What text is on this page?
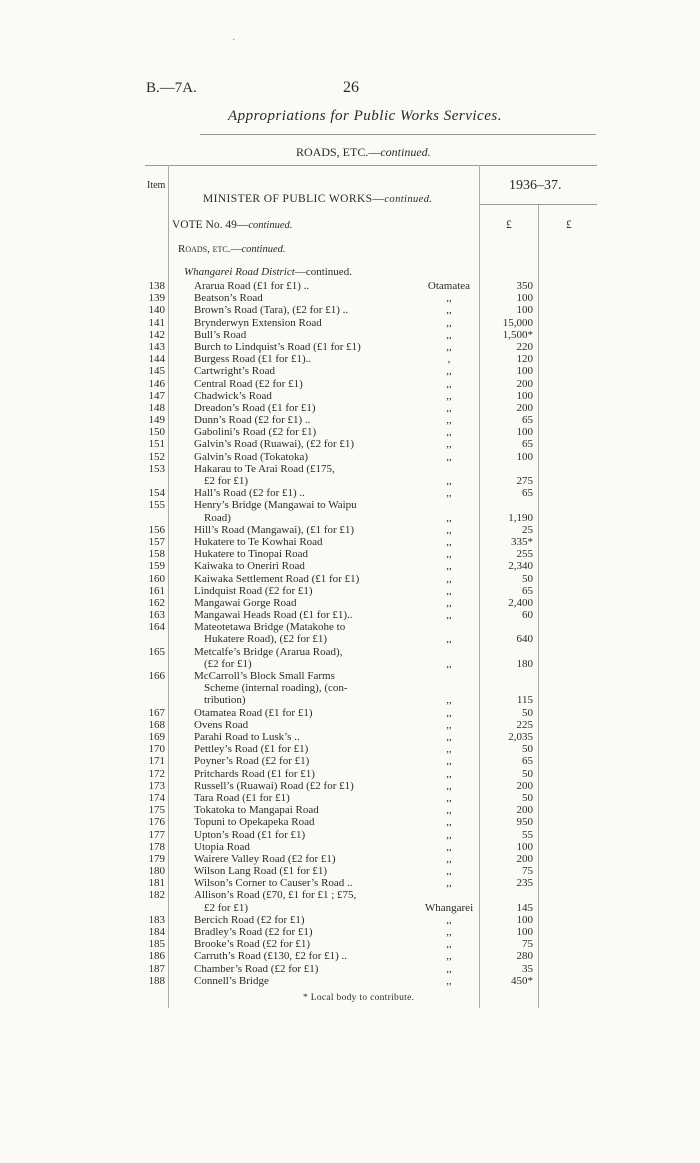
·
B.—7A.	26
Appropriations for Public Works Services.
ROADS, ETC.—continued.
Item	1936–37.
MINISTER OF PUBLIC WORKS—continued.
VOTE No. 49—continued.	£	£
Roads, etc.—continued.
Whangarei Road District—continued.
138	Ararua Road (£1 for £1) ..	Otamatea	350
139	Beatson’s Road	,,	100
140	Brown’s Road (Tara), (£2 for £1) ..	,,	100
141	Brynderwyn Extension Road	,,	15,000
142	Bull’s Road	,,	1,500*
143	Burch to Lindquist’s Road (£1 for £1)	,,	220
144	Burgess Road (£1 for £1)..	,	120
145	Cartwright’s Road	,,	100
146	Central Road (£2 for £1)	,,	200
147	Chadwick’s Road	,,	100
148	Dreadon’s Road (£1 for £1)	,,	200
149	Dunn’s Road (£2 for £1) ..	,,	65
150	Gabolini’s Road (£2 for £1)	,,	100
151	Galvin’s Road (Ruawai), (£2 for £1)	,,	65
152	Galvin’s Road (Tokatoka)	,,	100
153	Hakarau to Te Arai Road (£175,
£2 for £1)	,,	275
154	Hall’s Road (£2 for £1) ..	,,	65
155	Henry’s Bridge (Mangawai to Waipu
Road)	,,	1,190
156	Hill’s Road (Mangawai), (£1 for £1)	,,	25
157	Hukatere to Te Kowhai Road	,,	335*
158	Hukatere to Tinopai Road	,,	255
159	Kaiwaka to Oneriri Road	,,	2,340
160	Kaiwaka Settlement Road (£1 for £1)	,,	50
161	Lindquist Road (£2 for £1)	,,	65
162	Mangawai Gorge Road	,,	2,400
163	Mangawai Heads Road (£1 for £1)..	,,	60
164	Mateotetawa Bridge (Matakohe to
Hukatere Road), (£2 for £1)	,,	640
165	Metcalfe’s Bridge (Ararua Road),
(£2 for £1)	,,	180
166	McCarroll’s Block Small Farms
Scheme (internal roading), (con-
tribution)	,,	115
167	Otamatea Road (£1 for £1)	,,	50
168	Ovens Road	,,	225
169	Parahi Road to Lusk’s ..	,,	2,035
170	Pettley’s Road (£1 for £1)	,,	50
171	Poyner’s Road (£2 for £1)	,,	65
172	Pritchards Road (£1 for £1)	,,	50
173	Russell’s (Ruawai) Road (£2 for £1)	,,	200
174	Tara Road (£1 for £1)	,,	50
175	Tokatoka to Mangapai Road	,,	200
176	Topuni to Opekapeka Road	,,	950
177	Upton’s Road (£1 for £1)	,,	55
178	Utopia Road	,,	100
179	Wairere Valley Road (£2 for £1)	,,	200
180	Wilson Lang Road (£1 for £1)	,,	75
181	Wilson’s Corner to Causer’s Road ..	,,	235
182	Allison’s Road (£70, £1 for £1 ; £75,
£2 for £1)	Whangarei	145
183	Bercich Road (£2 for £1)	,,	100
184	Bradley’s Road (£2 for £1)	,,	100
185	Brooke’s Road (£2 for £1)	,,	75
186	Carruth’s Road (£130, £2 for £1) ..	,,	280
187	Chamber’s Road (£2 for £1)	,,	35
188	Connell’s Bridge	,,	450*
* Local body to contribute.
